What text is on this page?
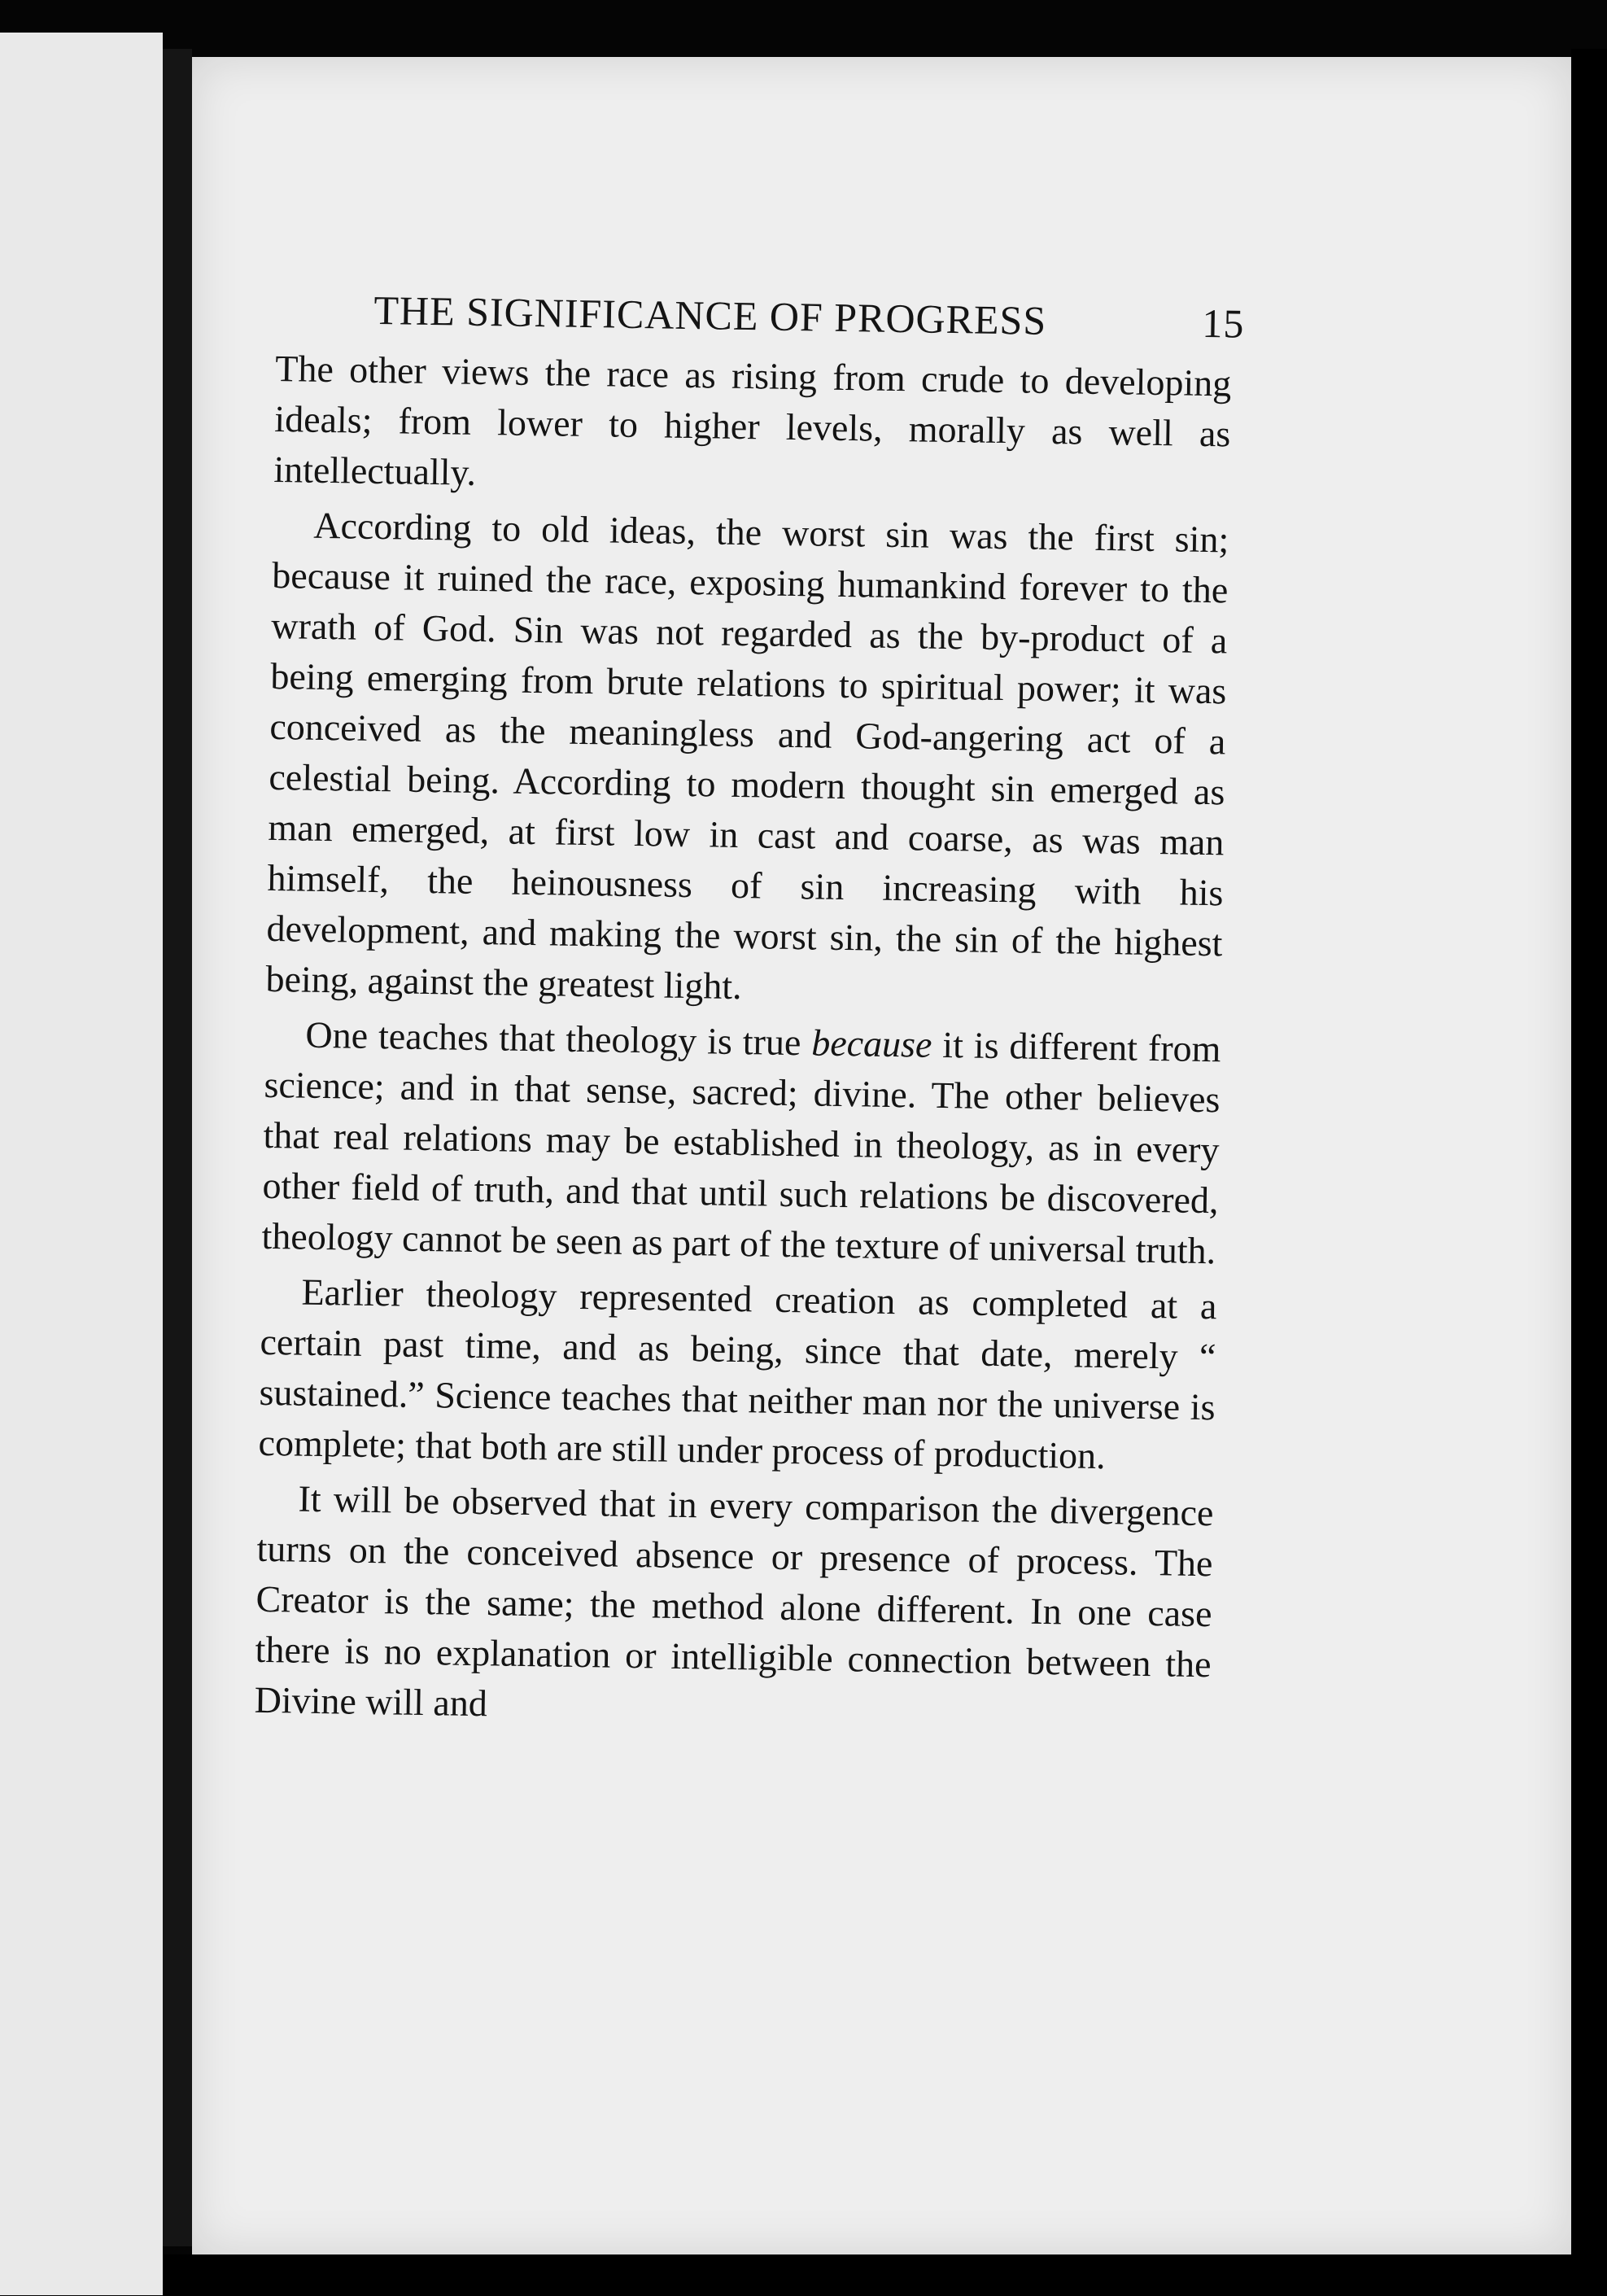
THE SIGNIFICANCE OF PROGRESS	15

The other views the race as rising from crude to developing ideals; from lower to higher levels, morally as well as intellectually.

According to old ideas, the worst sin was the first sin; because it ruined the race, exposing humankind forever to the wrath of God. Sin was not regarded as the by-product of a being emerging from brute relations to spiritual power; it was conceived as the meaningless and God-angering act of a celestial being. According to modern thought sin emerged as man emerged, at first low in cast and coarse, as was man himself, the heinousness of sin increasing with his development, and making the worst sin, the sin of the highest being, against the greatest light.

One teaches that theology is true because it is different from science; and in that sense, sacred; divine. The other believes that real relations may be established in theology, as in every other field of truth, and that until such relations be discovered, theology cannot be seen as part of the texture of universal truth.

Earlier theology represented creation as completed at a certain past time, and as being, since that date, merely “ sustained.” Science teaches that neither man nor the universe is complete; that both are still under process of production.

It will be observed that in every comparison the divergence turns on the conceived absence or presence of process. The Creator is the same; the method alone different. In one case there is no explanation or intelligible connection between the Divine will and
